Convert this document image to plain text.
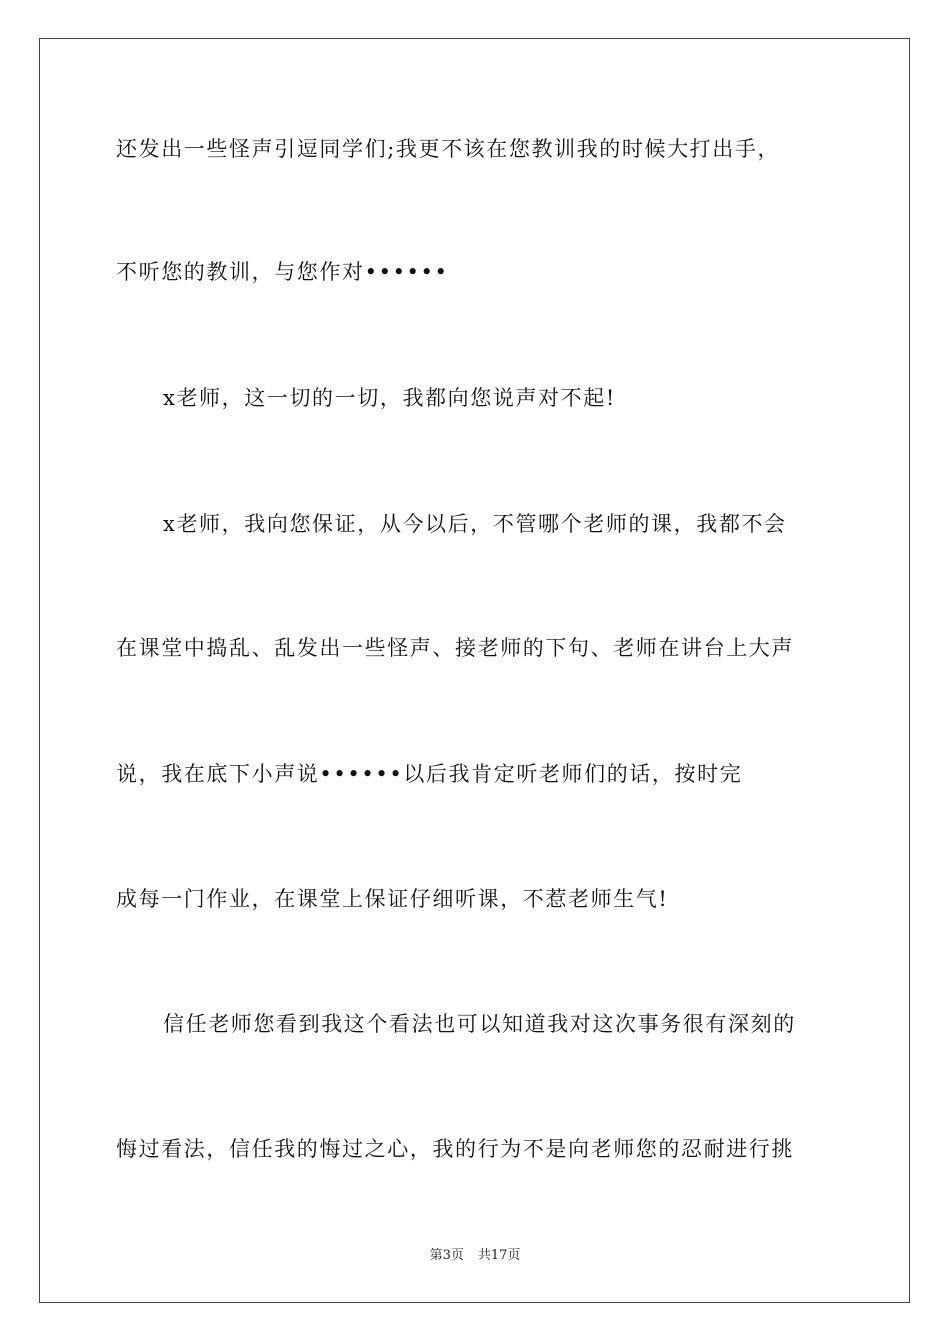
还发出一些怪声引逗同学们;我更不该在您教训我的时候大打出手，
不听您的教训，与您作对••••••
x老师，这一切的一切，我都向您说声对不起!
x老师，我向您保证，从今以后，不管哪个老师的课，我都不会
在课堂中捣乱、乱发出一些怪声、接老师的下句、老师在讲台上大声
说，我在底下小声说••••••以后我肯定听老师们的话，按时完
成每一门作业，在课堂上保证仔细听课，不惹老师生气!
信任老师您看到我这个看法也可以知道我对这次事务很有深刻的
悔过看法，信任我的悔过之心，我的行为不是向老师您的忍耐进行挑
第3页 共17页
